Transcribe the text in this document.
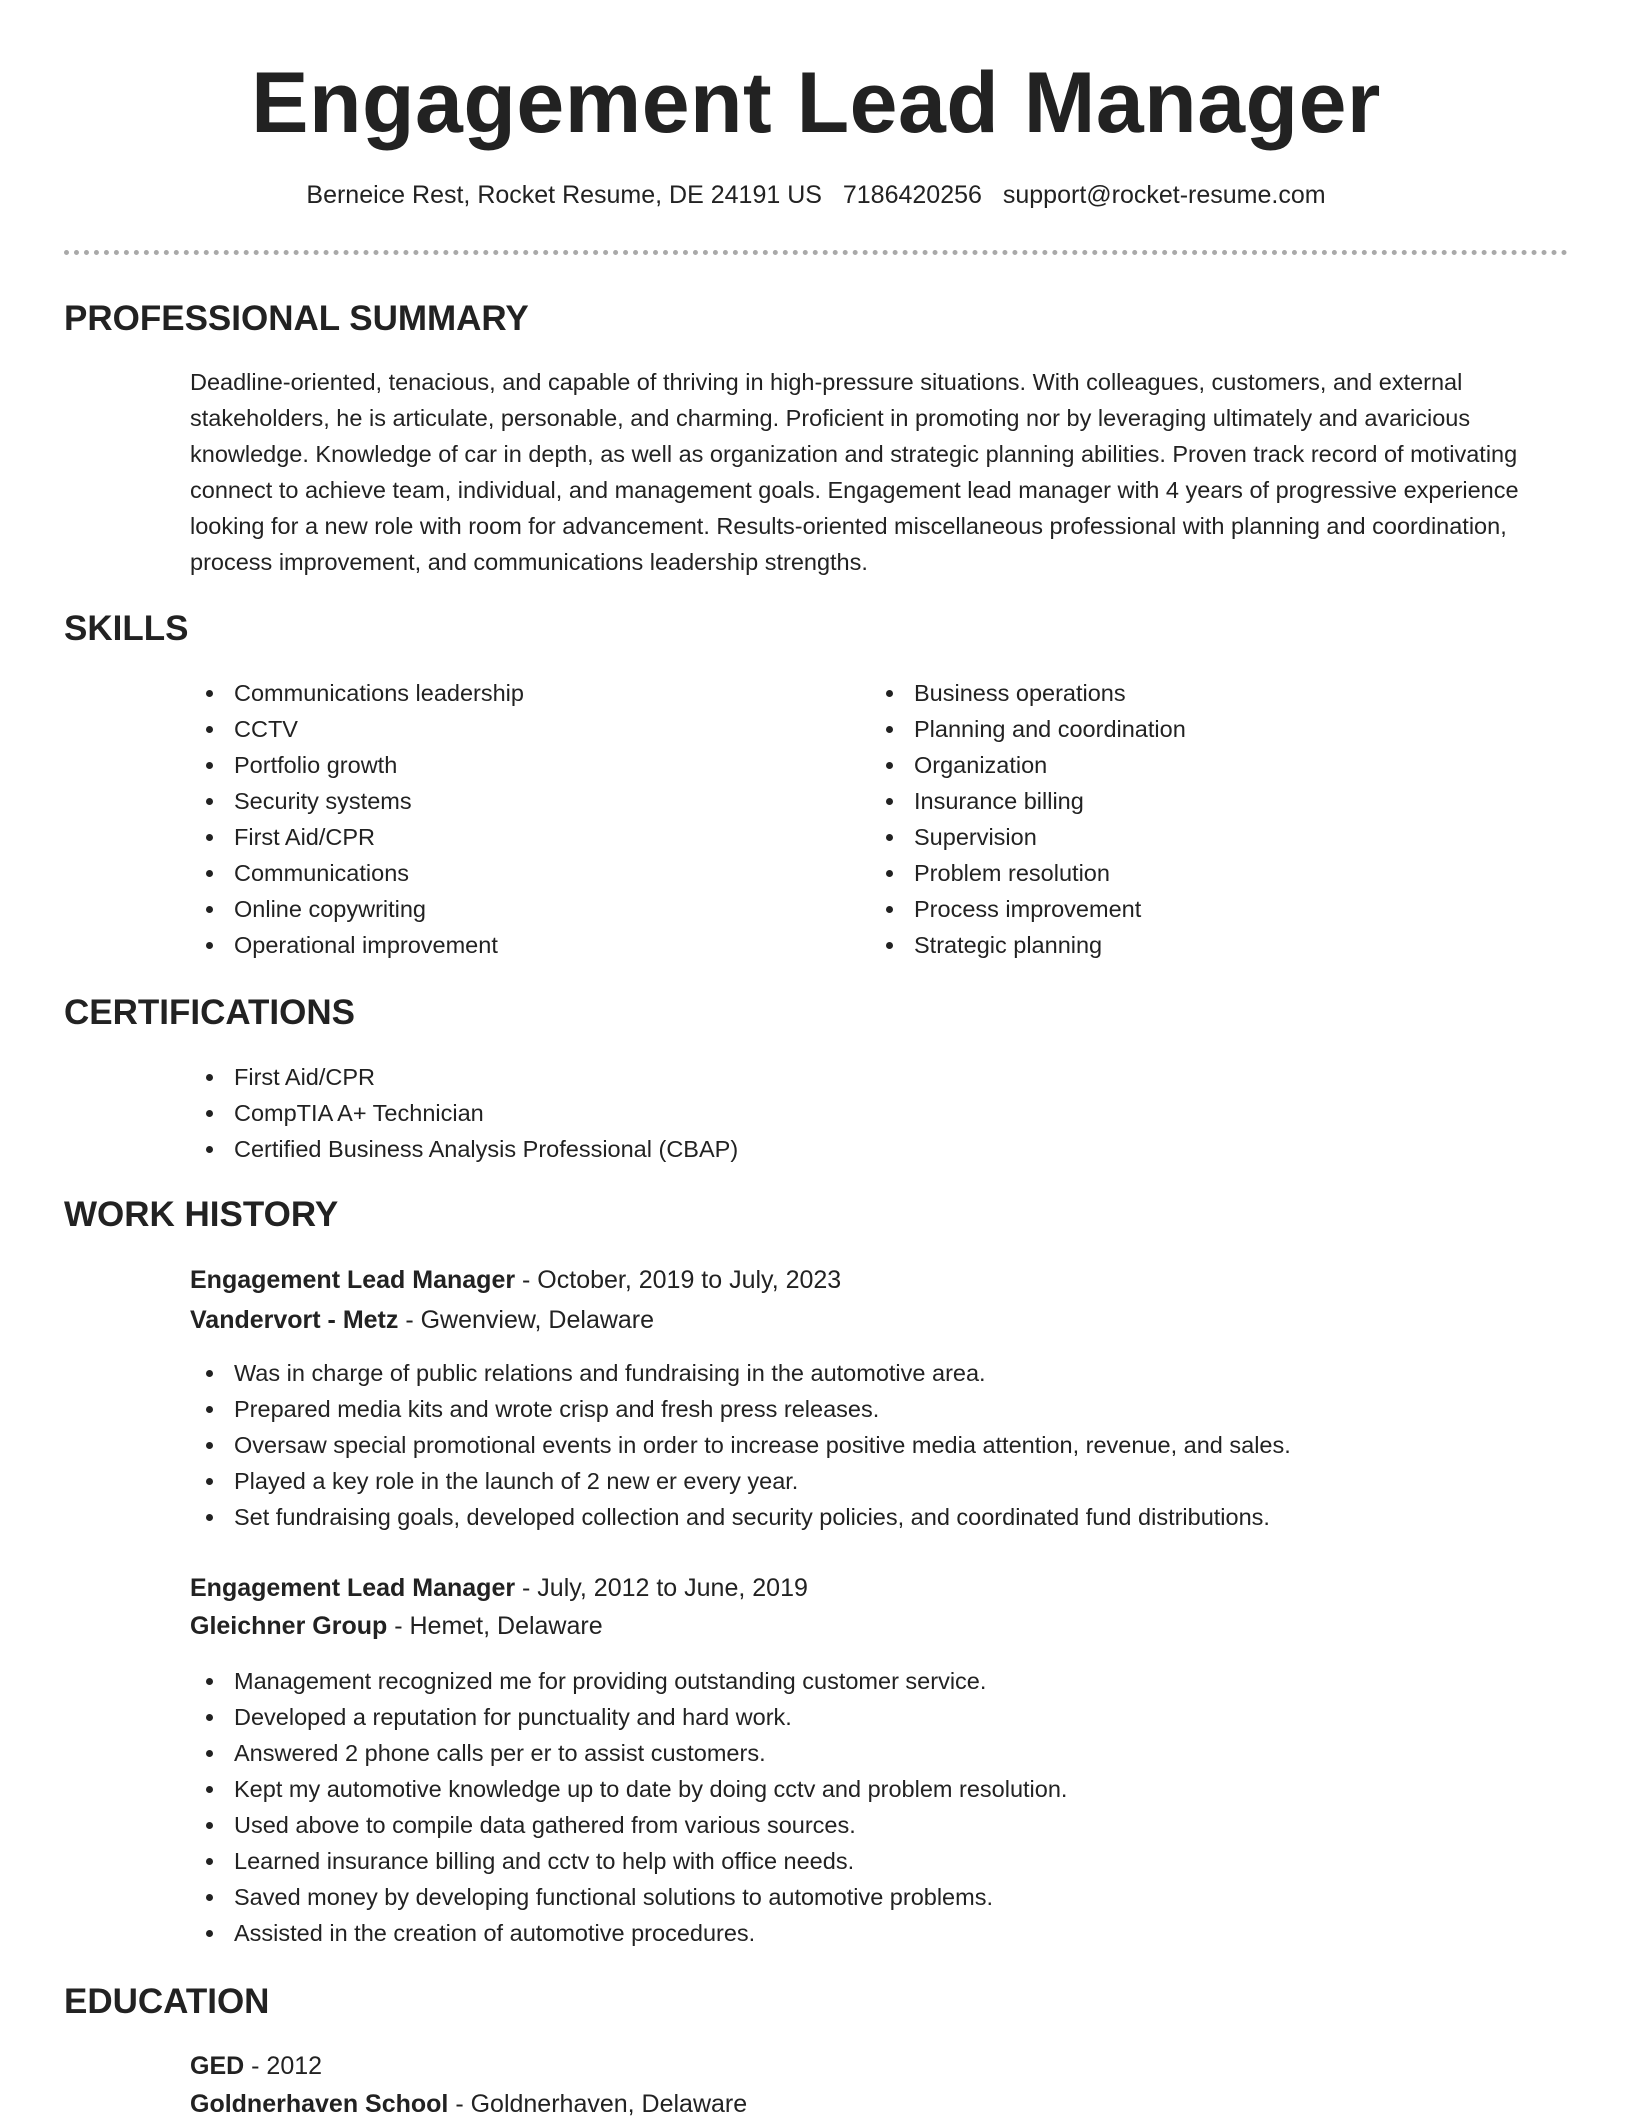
Engagement Lead Manager
Berneice Rest, Rocket Resume, DE 24191 US 7186420256 support@rocket-resume.com
PROFESSIONAL SUMMARY

Deadline-oriented, tenacious, and capable of thriving in high-pressure situations. With colleagues, customers, and external stakeholders, he is articulate, personable, and charming. Proficient in promoting nor by leveraging ultimately and avaricious knowledge. Knowledge of car in depth, as well as organization and strategic planning abilities. Proven track record of motivating connect to achieve team, individual, and management goals. Engagement lead manager with 4 years of progressive experience looking for a new role with room for advancement. Results-oriented miscellaneous professional with planning and coordination, process improvement, and communications leadership strengths.

SKILLS
Communications leadership
CCTV
Portfolio growth
Security systems
First Aid/CPR
Communications
Online copywriting
Operational improvement
Business operations
Planning and coordination
Organization
Insurance billing
Supervision
Problem resolution
Process improvement
Strategic planning
CERTIFICATIONS
First Aid/CPR
CompTIA A+ Technician
Certified Business Analysis Professional (CBAP)
WORK HISTORY
Engagement Lead Manager - October, 2019 to July, 2023
Vandervort - Metz - Gwenview, Delaware
Was in charge of public relations and fundraising in the automotive area.
Prepared media kits and wrote crisp and fresh press releases.
Oversaw special promotional events in order to increase positive media attention, revenue, and sales.
Played a key role in the launch of 2 new er every year.
Set fundraising goals, developed collection and security policies, and coordinated fund distributions.
Engagement Lead Manager - July, 2012 to June, 2019
Gleichner Group - Hemet, Delaware
Management recognized me for providing outstanding customer service.
Developed a reputation for punctuality and hard work.
Answered 2 phone calls per er to assist customers.
Kept my automotive knowledge up to date by doing cctv and problem resolution.
Used above to compile data gathered from various sources.
Learned insurance billing and cctv to help with office needs.
Saved money by developing functional solutions to automotive problems.
Assisted in the creation of automotive procedures.
EDUCATION
GED - 2012
Goldnerhaven School - Goldnerhaven, Delaware
